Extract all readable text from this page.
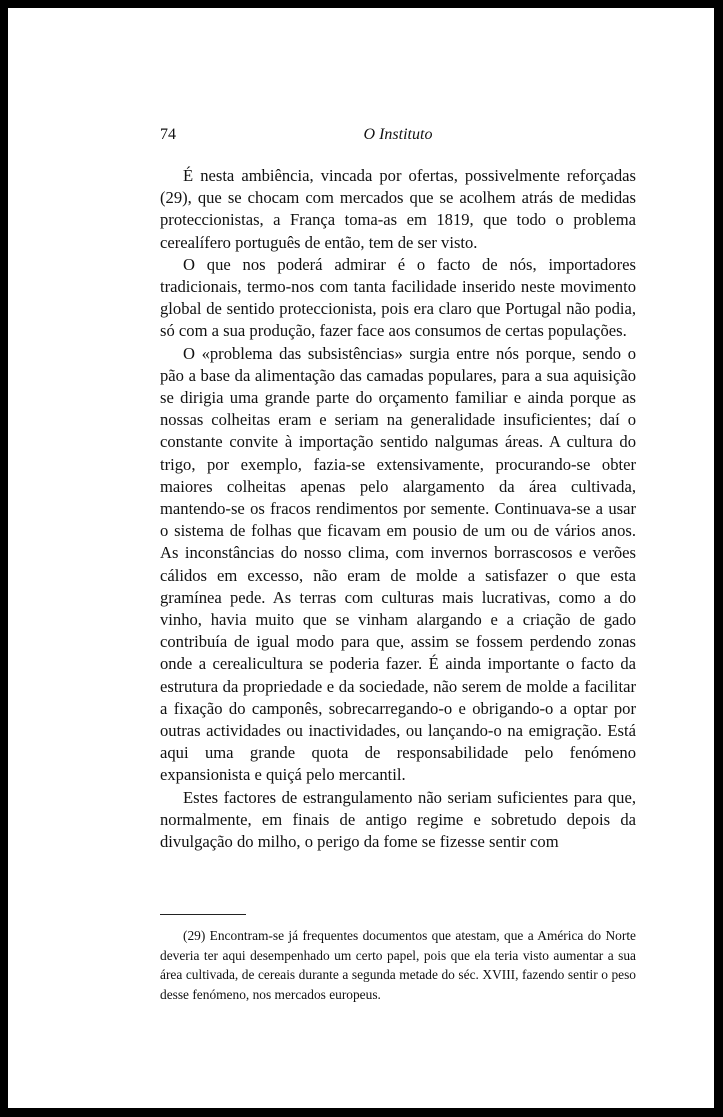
74	O Instituto

É nesta ambiência, vincada por ofertas, possivelmente reforçadas (29), que se chocam com mercados que se acolhem atrás de medidas proteccionistas, a França toma-as em 1819, que todo o problema cerealífero português de então, tem de ser visto.

O que nos poderá admirar é o facto de nós, importadores tradicionais, termo-nos com tanta facilidade inserido neste movimento global de sentido proteccionista, pois era claro que Portugal não podia, só com a sua produção, fazer face aos consumos de certas populações.

O «problema das subsistências» surgia entre nós porque, sendo o pão a base da alimentação das camadas populares, para a sua aquisição se dirigia uma grande parte do orçamento familiar e ainda porque as nossas colheitas eram e seriam na generalidade insuficientes; daí o constante convite à importação sentido nalgumas áreas. A cultura do trigo, por exemplo, fazia-se extensivamente, procurando-se obter maiores colheitas apenas pelo alargamento da área cultivada, mantendo-se os fracos rendimentos por semente. Continuava-se a usar o sistema de folhas que ficavam em pousio de um ou de vários anos. As inconstâncias do nosso clima, com invernos borrascosos e verões cálidos em excesso, não eram de molde a satisfazer o que esta gramínea pede. As terras com culturas mais lucrativas, como a do vinho, havia muito que se vinham alargando e a criação de gado contribuía de igual modo para que, assim se fossem perdendo zonas onde a cerealicultura se poderia fazer. É ainda importante o facto da estrutura da propriedade e da sociedade, não serem de molde a facilitar a fixação do camponês, sobrecarregando-o e obrigando-o a optar por outras actividades ou inactividades, ou lançando-o na emigração. Está aqui uma grande quota de responsabilidade pelo fenómeno expansionista e quiçá pelo mercantil.

Estes factores de estrangulamento não seriam suficientes para que, normalmente, em finais de antigo regime e sobretudo depois da divulgação do milho, o perigo da fome se fizesse sentir com

(29) Encontram-se já frequentes documentos que atestam, que a América do Norte deveria ter aqui desempenhado um certo papel, pois que ela teria visto aumentar a sua área cultivada, de cereais durante a segunda metade do séc. XVIII, fazendo sentir o peso desse fenómeno, nos mercados europeus.
